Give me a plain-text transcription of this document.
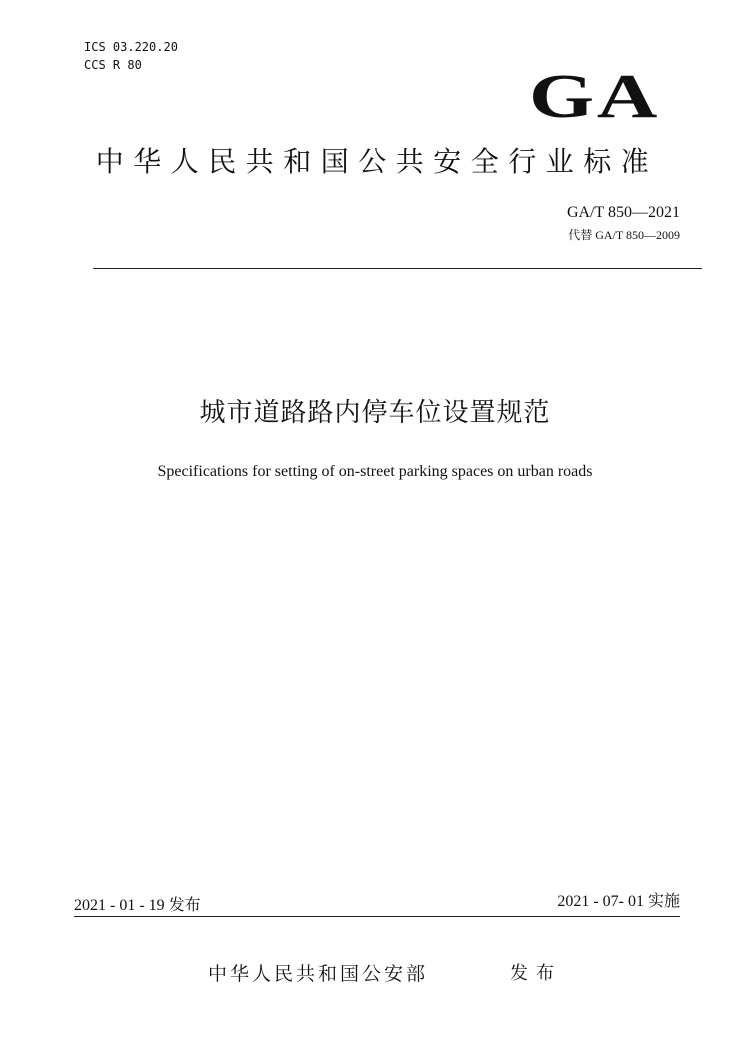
ICS 03.220.20
CCS R 80	GA
中华人民共和国公共安全行业标准
GA/T 850—2021
代替 GA/T 850—2009
城市道路路内停车位设置规范
Specifications for setting of on-street parking spaces on urban roads
2021 - 01 - 19 发布	2021 - 07- 01 实施
中华人民共和国公安部	发布
